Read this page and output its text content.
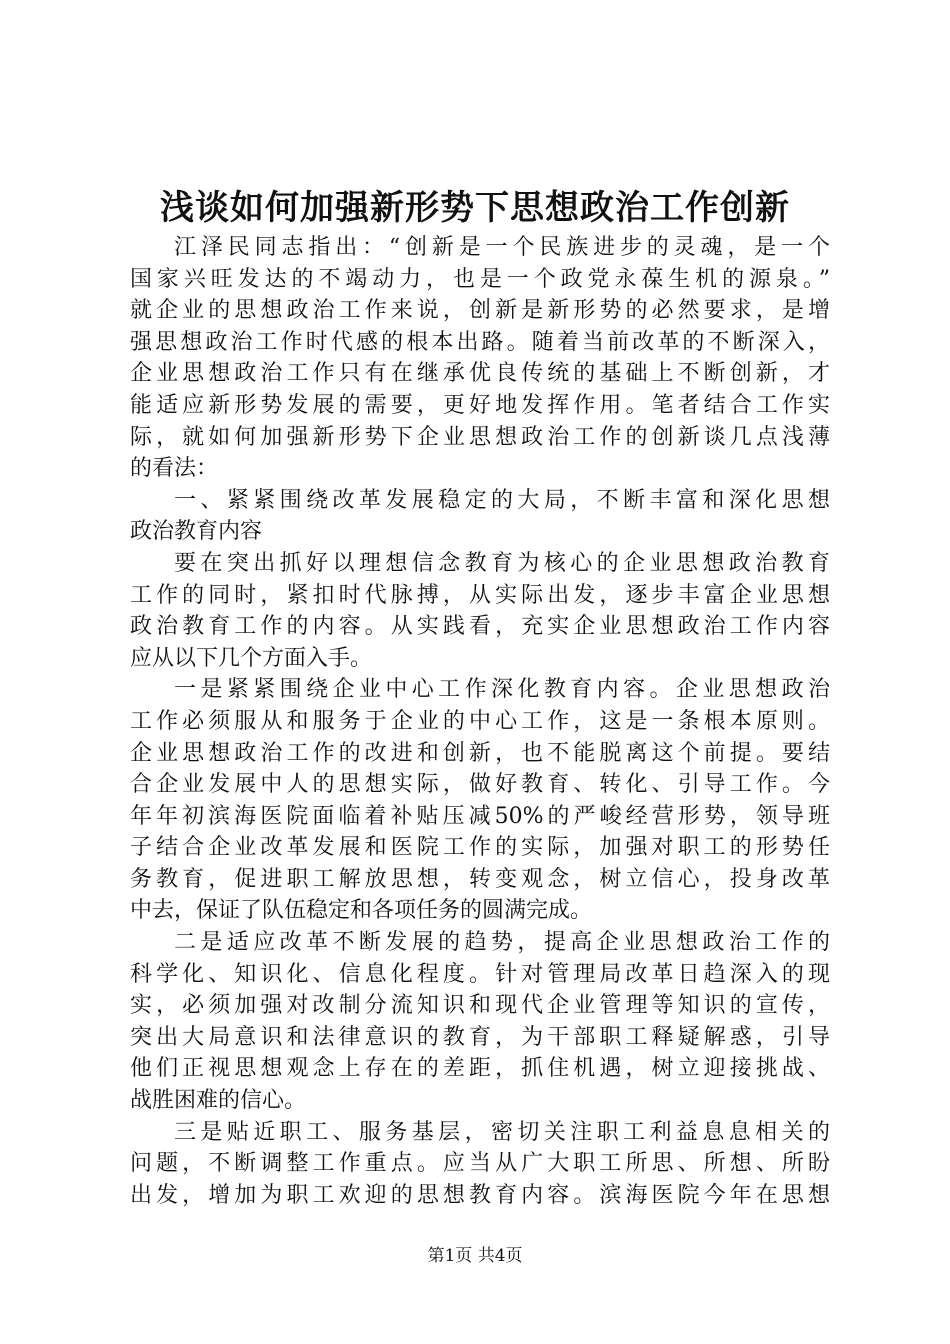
浅谈如何加强新形势下思想政治工作创新
江泽民同志指出：“创新是一个民族进步的灵魂，是一个
国家兴旺发达的不竭动力，也是一个政党永葆生机的源泉。”
就企业的思想政治工作来说，创新是新形势的必然要求，是增
强思想政治工作时代感的根本出路。随着当前改革的不断深入，
企业思想政治工作只有在继承优良传统的基础上不断创新，才
能适应新形势发展的需要，更好地发挥作用。笔者结合工作实
际，就如何加强新形势下企业思想政治工作的创新谈几点浅薄
的看法：
一、紧紧围绕改革发展稳定的大局，不断丰富和深化思想
政治教育内容
要在突出抓好以理想信念教育为核心的企业思想政治教育
工作的同时，紧扣时代脉搏，从实际出发，逐步丰富企业思想
政治教育工作的内容。从实践看，充实企业思想政治工作内容
应从以下几个方面入手。
一是紧紧围绕企业中心工作深化教育内容。企业思想政治
工作必须服从和服务于企业的中心工作，这是一条根本原则。
企业思想政治工作的改进和创新，也不能脱离这个前提。要结
合企业发展中人的思想实际，做好教育、转化、引导工作。今
年年初滨海医院面临着补贴压减50%的严峻经营形势，领导班
子结合企业改革发展和医院工作的实际，加强对职工的形势任
务教育，促进职工解放思想，转变观念，树立信心，投身改革
中去，保证了队伍稳定和各项任务的圆满完成。
二是适应改革不断发展的趋势，提高企业思想政治工作的
科学化、知识化、信息化程度。针对管理局改革日趋深入的现
实，必须加强对改制分流知识和现代企业管理等知识的宣传，
突出大局意识和法律意识的教育，为干部职工释疑解惑，引导
他们正视思想观念上存在的差距，抓住机遇，树立迎接挑战、
战胜困难的信心。
三是贴近职工、服务基层，密切关注职工利益息息相关的
问题，不断调整工作重点。应当从广大职工所思、所想、所盼
出发，增加为职工欢迎的思想教育内容。滨海医院今年在思想
第1页 共4页
